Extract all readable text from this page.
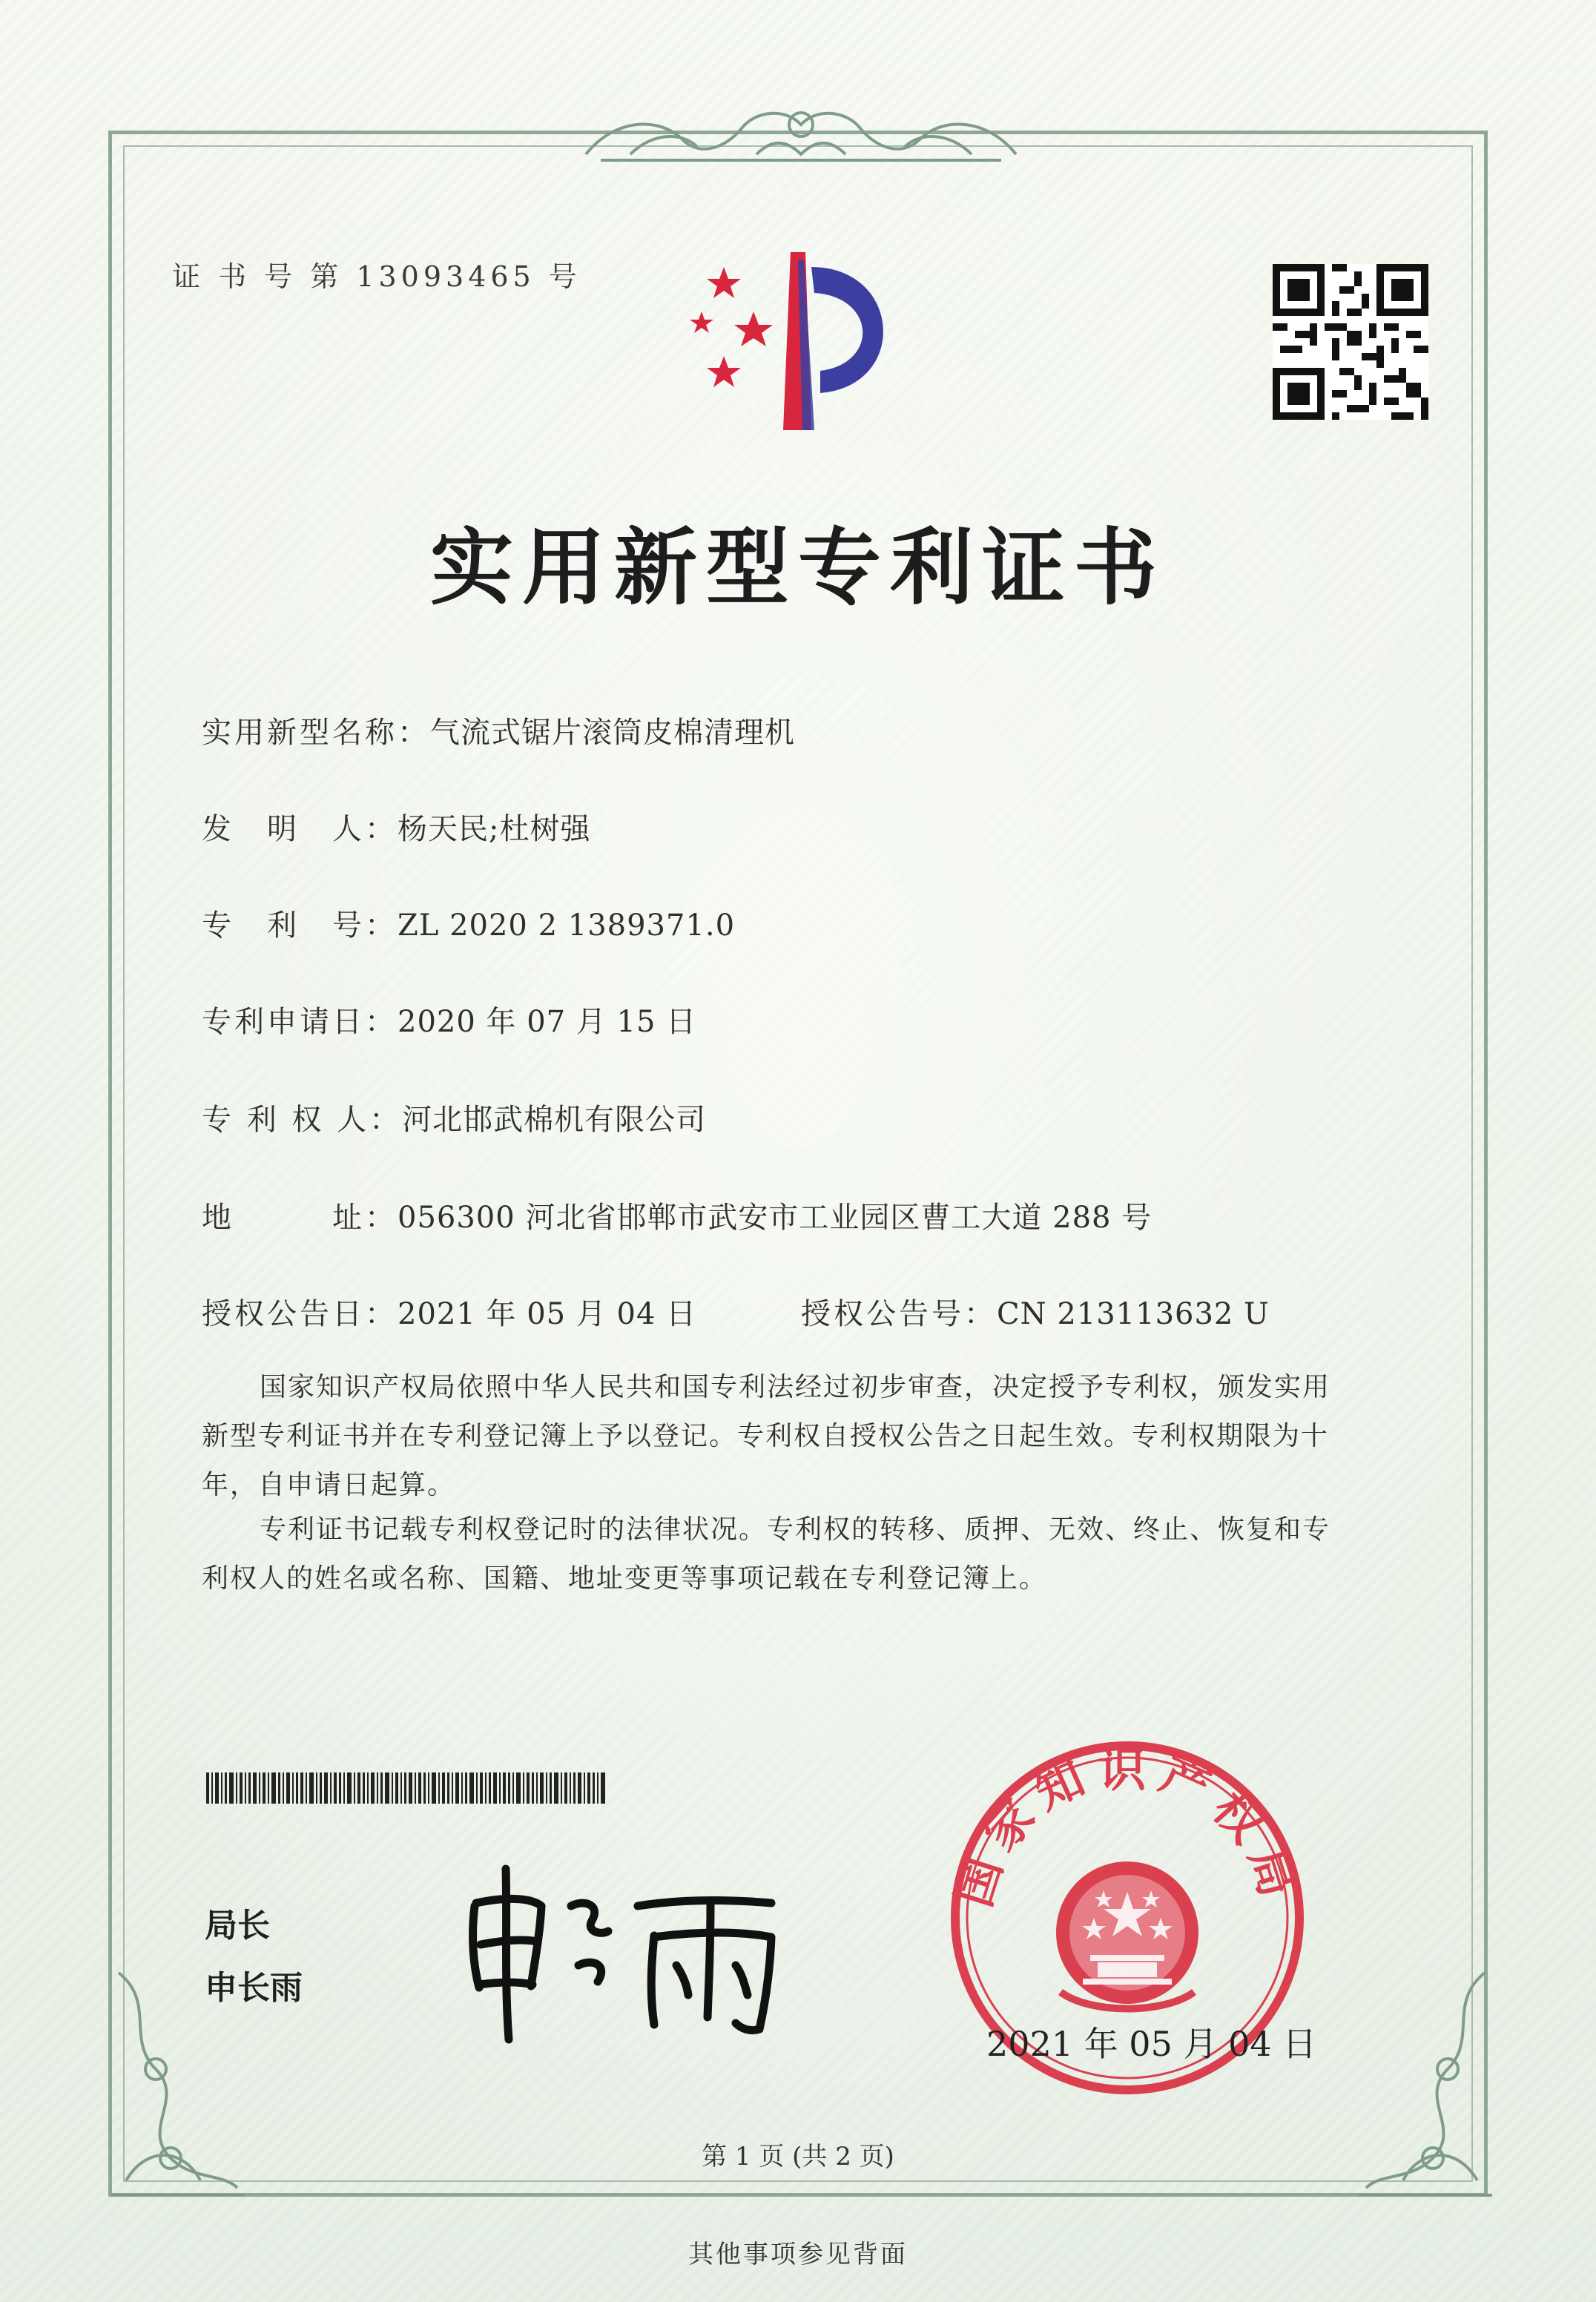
证 书 号 第 13093465 号
实用新型专利证书
实用新型名称：气流式锯片滚筒皮棉清理机
发　明　人：杨天民;杜树强
专　利　号：ZL 2020 2 1389371.0
专利申请日：2020 年 07 月 15 日
专 利 权 人：河北邯武棉机有限公司
地　　　址：056300 河北省邯郸市武安市工业园区曹工大道 288 号
授权公告日：2021 年 05 月 04 日	授权公告号：CN 213113632 U
国家知识产权局依照中华人民共和国专利法经过初步审查，决定授予专利权，颁发实用
新型专利证书并在专利登记簿上予以登记。专利权自授权公告之日起生效。专利权期限为十
年，自申请日起算。
专利证书记载专利权登记时的法律状况。专利权的转移、质押、无效、终止、恢复和专
利权人的姓名或名称、国籍、地址变更等事项记载在专利登记簿上。
局长
申长雨
国家知识产权局
2021 年 05 月 04 日
第 1 页 (共 2 页)
其他事项参见背面
